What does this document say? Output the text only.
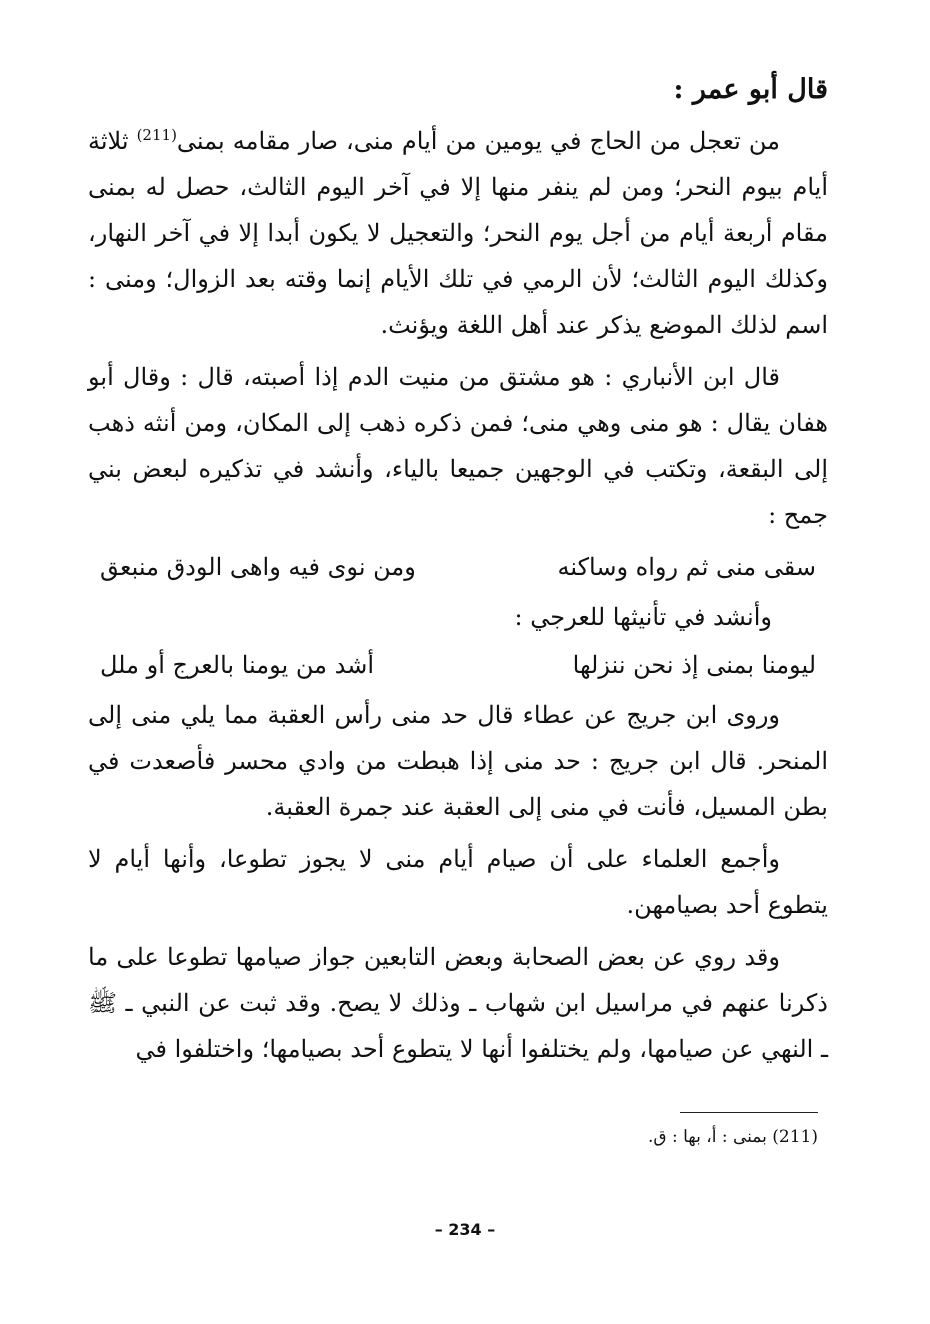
قال أبو عمر :

من تعجل من الحاج في يومين من أيام منى، صار مقامه بمنى$^{(211)}$ ثلاثة أيام بيوم النحر؛ ومن لم ينفر منها إلا في آخر اليوم الثالث، حصل له بمنى مقام أربعة أيام من أجل يوم النحر؛ والتعجيل لا يكون أبدا إلا في آخر النهار، وكذلك اليوم الثالث؛ لأن الرمي في تلك الأيام إنما وقته بعد الزوال؛ ومنى : اسم لذلك الموضع يذكر عند أهل اللغة ويؤنث.

قال ابن الأنباري : هو مشتق من منيت الدم إذا أصبته، قال : وقال أبو هفان يقال : هو منى وهي منى؛ فمن ذكره ذهب إلى المكان، ومن أنثه ذهب إلى البقعة، وتكتب في الوجهين جميعا بالياء، وأنشد في تذكيره لبعض بني جمح :

سقى منى ثم رواه وساكنه
ومن نوى فيه واهى الودق منبعق
وأنشد في تأنيثها للعرجي :
ليومنا بمنى إذ نحن ننزلها
أشد من يومنا بالعرج أو ملل

وروى ابن جريج عن عطاء قال حد منى رأس العقبة مما يلي منى إلى المنحر. قال ابن جريج : حد منى إذا هبطت من وادي محسر فأصعدت في بطن المسيل، فأنت في منى إلى العقبة عند جمرة العقبة.

وأجمع العلماء على أن صيام أيام منى لا يجوز تطوعا، وأنها أيام لا يتطوع أحد بصيامهن.

وقد روي عن بعض الصحابة وبعض التابعين جواز صيامها تطوعا على ما ذكرنا عنهم في مراسيل ابن شهاب ـ وذلك لا يصح. وقد ثبت عن النبي ـ ﷺ ـ النهي عن صيامها، ولم يختلفوا أنها لا يتطوع أحد بصيامها؛ واختلفوا في

(211) بمنى : أ، بها : ق.
– 234 –
